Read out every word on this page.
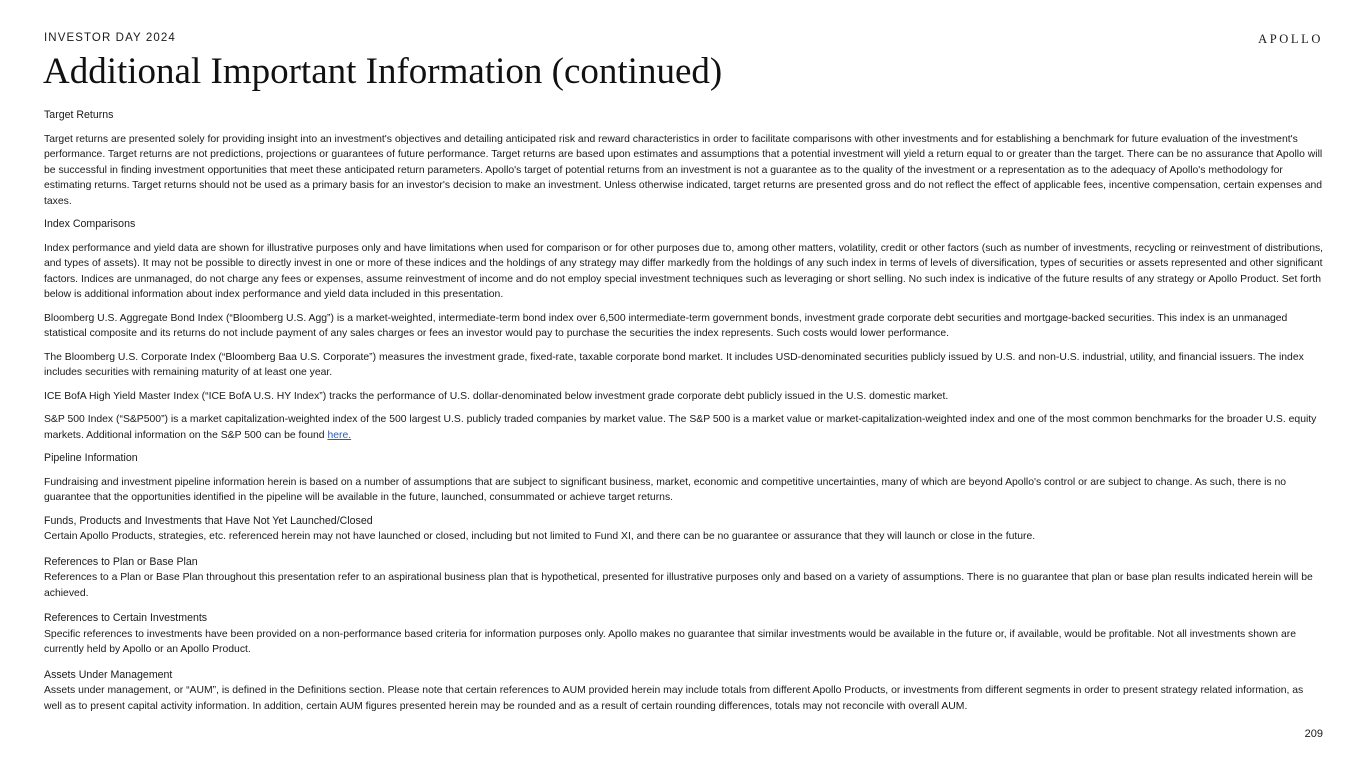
INVESTOR DAY 2024	APOLLO
Additional Important Information (continued)
Target Returns

Target returns are presented solely for providing insight into an investment's objectives and detailing anticipated risk and reward characteristics in order to facilitate comparisons with other investments and for establishing a benchmark for future evaluation of the investment's performance. Target returns are not predictions, projections or guarantees of future performance. Target returns are based upon estimates and assumptions that a potential investment will yield a return equal to or greater than the target. There can be no assurance that Apollo will be successful in finding investment opportunities that meet these anticipated return parameters. Apollo's target of potential returns from an investment is not a guarantee as to the quality of the investment or a representation as to the adequacy of Apollo's methodology for estimating returns. Target returns should not be used as a primary basis for an investor's decision to make an investment. Unless otherwise indicated, target returns are presented gross and do not reflect the effect of applicable fees, incentive compensation, certain expenses and taxes.

Index Comparisons

Index performance and yield data are shown for illustrative purposes only and have limitations when used for comparison or for other purposes due to, among other matters, volatility, credit or other factors (such as number of investments, recycling or reinvestment of distributions, and types of assets). It may not be possible to directly invest in one or more of these indices and the holdings of any strategy may differ markedly from the holdings of any such index in terms of levels of diversification, types of securities or assets represented and other significant factors. Indices are unmanaged, do not charge any fees or expenses, assume reinvestment of income and do not employ special investment techniques such as leveraging or short selling. No such index is indicative of the future results of any strategy or Apollo Product. Set forth below is additional information about index performance and yield data included in this presentation.

Bloomberg U.S. Aggregate Bond Index (“Bloomberg U.S. Agg”) is a market-weighted, intermediate-term bond index over 6,500 intermediate-term government bonds, investment grade corporate debt securities and mortgage-backed securities. This index is an unmanaged statistical composite and its returns do not include payment of any sales charges or fees an investor would pay to purchase the securities the index represents. Such costs would lower performance.

The Bloomberg U.S. Corporate Index (“Bloomberg Baa U.S. Corporate”) measures the investment grade, fixed-rate, taxable corporate bond market. It includes USD-denominated securities publicly issued by U.S. and non-U.S. industrial, utility, and financial issuers. The index includes securities with remaining maturity of at least one year.

ICE BofA High Yield Master Index (“ICE BofA U.S. HY Index”) tracks the performance of U.S. dollar-denominated below investment grade corporate debt publicly issued in the U.S. domestic market.

S&P 500 Index (“S&P500”) is a market capitalization-weighted index of the 500 largest U.S. publicly traded companies by market value. The S&P 500 is a market value or market-capitalization-weighted index and one of the most common benchmarks for the broader U.S. equity markets. Additional information on the S&P 500 can be found here.

Pipeline Information

Fundraising and investment pipeline information herein is based on a number of assumptions that are subject to significant business, market, economic and competitive uncertainties, many of which are beyond Apollo's control or are subject to change. As such, there is no guarantee that the opportunities identified in the pipeline will be available in the future, launched, consummated or achieve target returns.

Funds, Products and Investments that Have Not Yet Launched/Closed

Certain Apollo Products, strategies, etc. referenced herein may not have launched or closed, including but not limited to Fund XI, and there can be no guarantee or assurance that they will launch or close in the future.

References to Plan or Base Plan

References to a Plan or Base Plan throughout this presentation refer to an aspirational business plan that is hypothetical, presented for illustrative purposes only and based on a variety of assumptions. There is no guarantee that plan or base plan results indicated herein will be achieved.

References to Certain Investments

Specific references to investments have been provided on a non-performance based criteria for information purposes only. Apollo makes no guarantee that similar investments would be available in the future or, if available, would be profitable. Not all investments shown are currently held by Apollo or an Apollo Product.

Assets Under Management

Assets under management, or “AUM”, is defined in the Definitions section. Please note that certain references to AUM provided herein may include totals from different Apollo Products, or investments from different segments in order to present strategy related information, as well as to present capital activity information. In addition, certain AUM figures presented herein may be rounded and as a result of certain rounding differences, totals may not reconcile with overall AUM.

209
